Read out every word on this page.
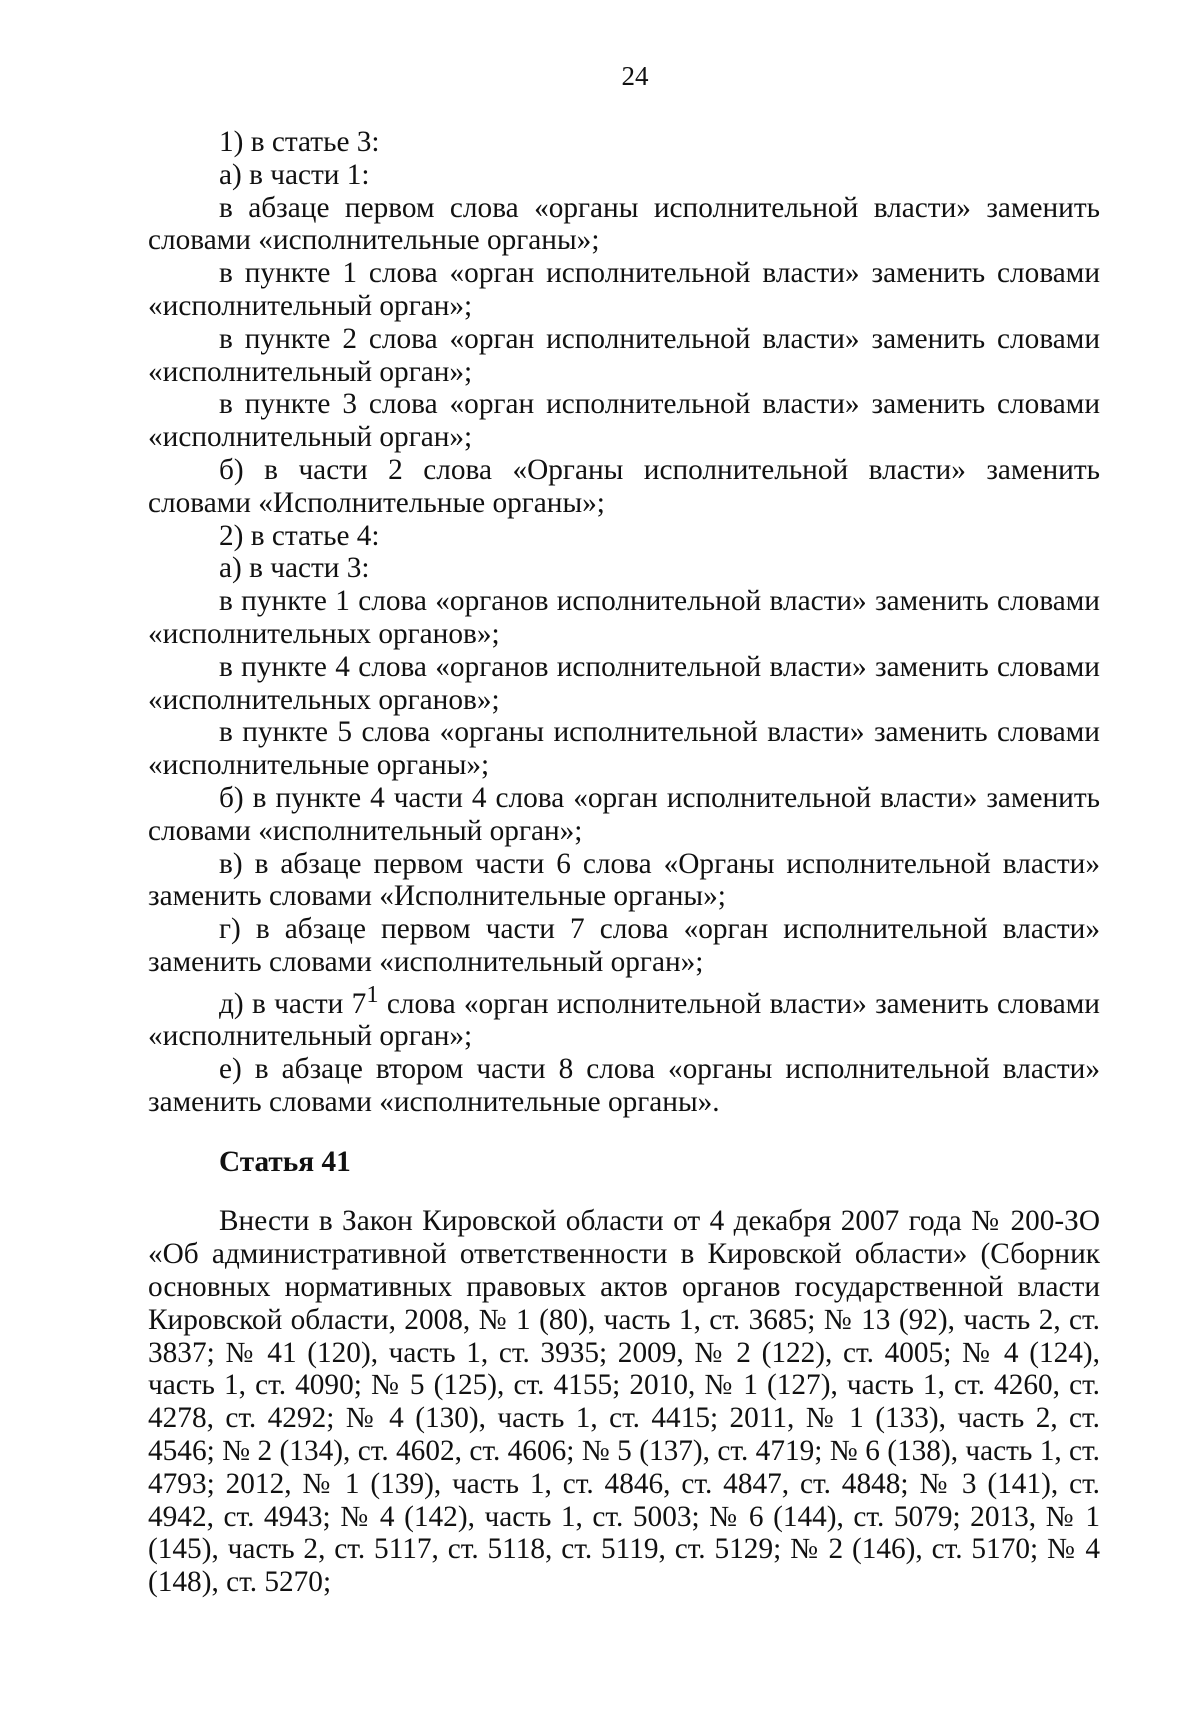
24

1) в статье 3:

а) в части 1:

в абзаце первом слова «органы исполнительной власти» заменить словами «исполнительные органы»;

в пункте 1 слова «орган исполнительной власти» заменить словами «исполнительный орган»;

в пункте 2 слова «орган исполнительной власти» заменить словами «исполнительный орган»;

в пункте 3 слова «орган исполнительной власти» заменить словами «исполнительный орган»;

б) в части 2 слова «Органы исполнительной власти» заменить словами «Исполнительные органы»;

2) в статье 4:

а) в части 3:

в пункте 1 слова «органов исполнительной власти» заменить словами «исполнительных органов»;

в пункте 4 слова «органов исполнительной власти» заменить словами «исполнительных органов»;

в пункте 5 слова «органы исполнительной власти» заменить словами «исполнительные органы»;

б) в пункте 4 части 4 слова «орган исполнительной власти» заменить словами «исполнительный орган»;

в) в абзаце первом части 6 слова «Органы исполнительной власти» заменить словами «Исполнительные органы»;

г) в абзаце первом части 7 слова «орган исполнительной власти» заменить словами «исполнительный орган»;

д) в части $7^1$ слова «орган исполнительной власти» заменить словами «исполнительный орган»;

е) в абзаце втором части 8 слова «органы исполнительной власти» заменить словами «исполнительные органы».

Статья 41

Внести в Закон Кировской области от 4 декабря 2007 года № 200-ЗО «Об административной ответственности в Кировской области» (Сборник основных нормативных правовых актов органов государственной власти Кировской области, 2008, № 1 (80), часть 1, ст. 3685; № 13 (92), часть 2, ст. 3837; № 41 (120), часть 1, ст. 3935; 2009, № 2 (122), ст. 4005; № 4 (124), часть 1, ст. 4090; № 5 (125), ст. 4155; 2010, № 1 (127), часть 1, ст. 4260, ст. 4278, ст. 4292; № 4 (130), часть 1, ст. 4415; 2011, № 1 (133), часть 2, ст. 4546; № 2 (134), ст. 4602, ст. 4606; № 5 (137), ст. 4719; № 6 (138), часть 1, ст. 4793; 2012, № 1 (139), часть 1, ст. 4846, ст. 4847, ст. 4848; № 3 (141), ст. 4942, ст. 4943; № 4 (142), часть 1, ст. 5003; № 6 (144), ст. 5079; 2013, № 1 (145), часть 2, ст. 5117, ст. 5118, ст. 5119, ст. 5129; № 2 (146), ст. 5170; № 4 (148), ст. 5270;
